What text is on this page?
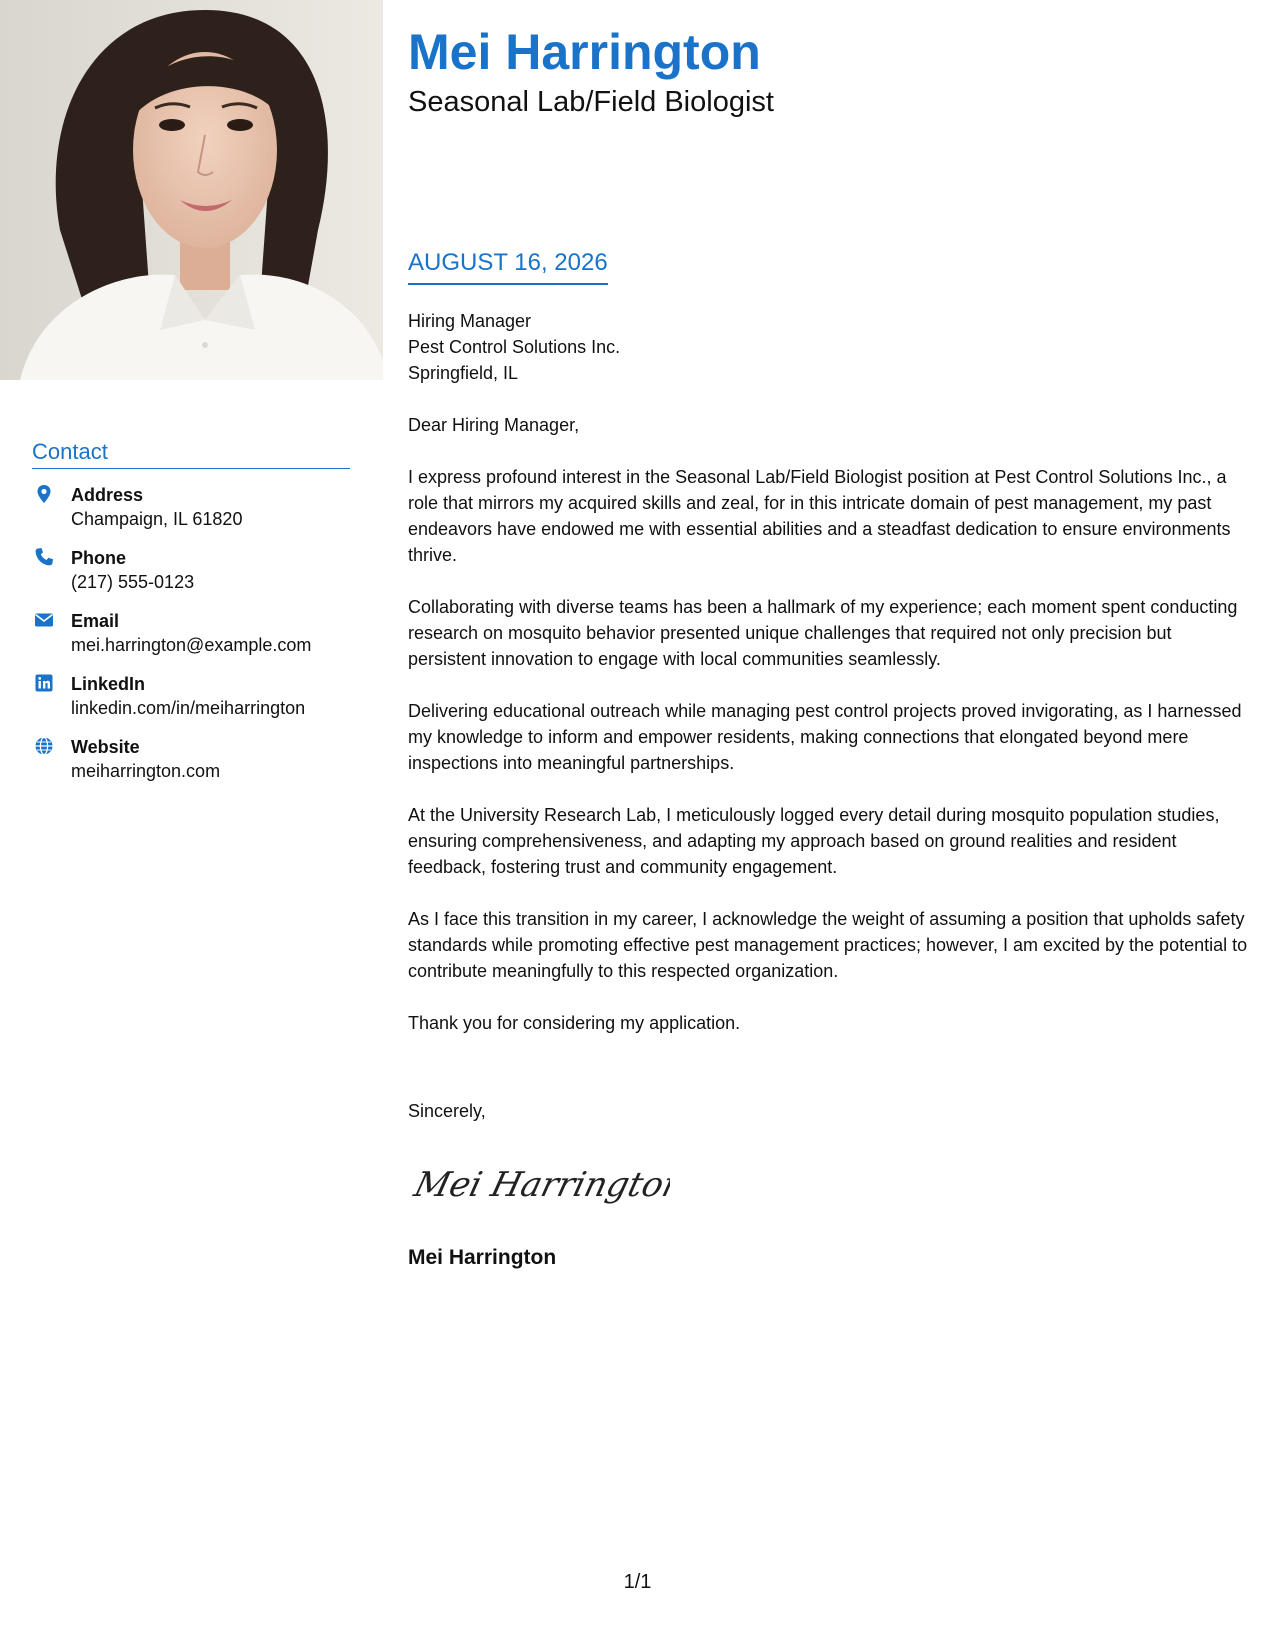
Contact
Address
Champaign, IL 61820
Phone
(217) 555-0123
Email
mei.harrington@example.com
LinkedIn
linkedin.com/in/meiharrington
Website
meiharrington.com
Mei Harrington
Seasonal Lab/Field Biologist
AUGUST 16, 2026

Hiring Manager
Pest Control Solutions Inc.
Springfield, IL

Dear Hiring Manager,

I express profound interest in the Seasonal Lab/Field Biologist position at Pest Control Solutions Inc., a role that mirrors my acquired skills and zeal, for in this intricate domain of pest management, my past endeavors have endowed me with essential abilities and a steadfast dedication to ensure environments thrive.

Collaborating with diverse teams has been a hallmark of my experience; each moment spent conducting research on mosquito behavior presented unique challenges that required not only precision but persistent innovation to engage with local communities seamlessly.

Delivering educational outreach while managing pest control projects proved invigorating, as I harnessed my knowledge to inform and empower residents, making connections that elongated beyond mere inspections into meaningful partnerships.

At the University Research Lab, I meticulously logged every detail during mosquito population studies, ensuring comprehensiveness, and adapting my approach based on ground realities and resident feedback, fostering trust and community engagement.

As I face this transition in my career, I acknowledge the weight of assuming a position that upholds safety standards while promoting effective pest management practices; however, I am excited by the potential to contribute meaningfully to this respected organization.

Thank you for considering my application.

Sincerely,
Mei Harrington
Mei Harrington
1/1
